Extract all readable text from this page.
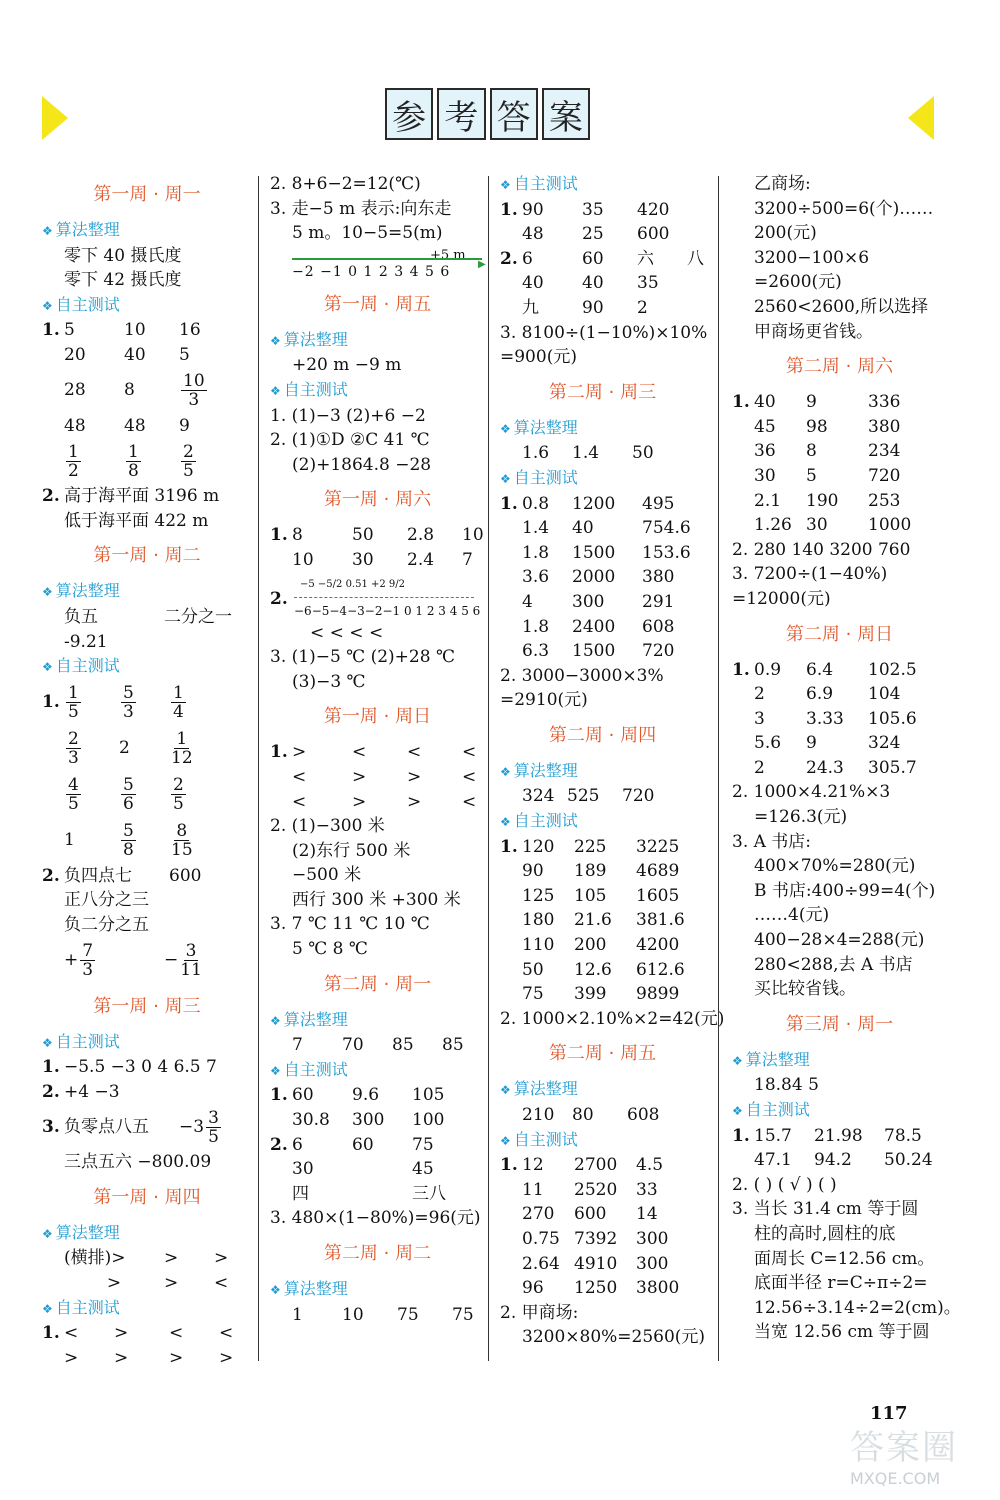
参 考 答 案
第一周 · 周一
❖ 算法整理
零下 40 摄氏度
零下 42 摄氏度
❖ 自主测试
1. 5	10 16
20 40 5
28	8	$\frac{10}{3}$
48 48 9
$\frac{1}{2}$	$\frac{1}{8} \frac{2}{5}$
2. 高于海平面 3196 m
低于海平面 422 m
第一周 · 周二
❖ 算法整理
负五	二分之一
-9.21
❖ 自主测试
1. $\frac{1}{5} \frac{5}{3} \frac{1}{4}$
$\frac{2}{3} 2$	$\frac{1}{12}$
$\frac{4}{5} \frac{5}{6} \frac{2}{5}$
1	$\frac{5}{8} \frac{8}{15}$
2. 负四点七 600
正八分之三
负二分之五
+ $\frac{7}{3}$	− $\frac{3}{11}$
第一周 · 周三
❖ 自主测试
1. −5.5 −3 0 4 6.5 7
2. +4 −3
3. 负零点八五	$-3 \frac{3}{5}$
三点五六 −800.09
第一周 · 周四
❖ 算法整理
(横排)> > >
>	> <
❖ 自主测试
1. < > < <
> > > >
2. 8+6−2=12(℃)
3. 走−5 m 表示:向东走
5 m。10−5=5(m)
+5 m
▶
−2 −1 0 1 2 3 4 5 6
第一周 · 周五
❖ 算法整理
+20 m −9 m
❖ 自主测试
1. (1)−3 (2)+6 −2
2. (1)①D ②C 41 ℃
(2)+1864.8 −28
第一周 · 周六
1. 8	50 2.8 10
10 30 2.4 7
2.
−5 −5/2 0.51 +2 9/2
−6−5−4−3−2−1 0 1 2 3 4 5 6
< < < <
3. (1)−5 ℃ (2)+28 ℃
(3)−3 ℃
第一周 · 周日
1. >	< < <
<	> > <
<	> > <
2. (1)−300 米
(2)东行 500 米
−500 米
西行 300 米 +300 米
3. 7 ℃ 11 ℃ 10 ℃
5 ℃ 8 ℃
第二周 · 周一
❖ 算法整理
7 70 85 85
❖ 自主测试
1. 60 9.6 105
30.8 300 100
2. 6	60 75
30	45
四	三八
3. 480×(1−80%)=96(元)
第二周 · 周二
❖ 算法整理
1 10 75 75
❖ 自主测试
1. 90 35 420
48 25 600
2. 6	60 六 八
40 40 35
九	90 2
3. 8100÷(1−10%)×10%
=900(元)
第二周 · 周三
❖ 算法整理
1.6 1.4 50
❖ 自主测试
1. 0.8 1200 495
1.4 40	754.6
1.8 1500 153.6
3.6 2000 380
4 300 291
1.8 2400 608
6.3 1500 720
2. 3000−3000×3%
=2910(元)
第二周 · 周四
❖ 算法整理
324 525 720
❖ 自主测试
1. 120 225 3225
90 189 4689
125 105 1605
180 21.6 381.6
110 200 4200
50 12.6 612.6
75 399 9899
2. 1000×2.10%×2=42(元)
第二周 · 周五
❖ 算法整理
210 80 608
❖ 自主测试
1. 12 2700 4.5
11 2520 33
270 600 14
0.75 7392 300
2.64 4910 300
96 1250 3800
2. 甲商场:
3200×80%=2560(元)
乙商场:
3200÷500=6(个)……
200(元)
3200−100×6
=2600(元)
2560<2600,所以选择
甲商场更省钱。
第二周 · 周六
1. 40 9	336
45 98 380
36 8	234
30 5	720
2.1 190 253
1.26 30 1000
2. 280 140 3200 760
3. 7200÷(1−40%)
=12000(元)
第二周 · 周日
1. 0.9 6.4 102.5
2 6.9 104
3 3.33 105.6
5.6 9	324
2 24.3 305.7
2. 1000×4.21%×3
=126.3(元)
3. A 书店:
400×70%=280(元)
B 书店:400÷99=4(个)
……4(元)
400−28×4=288(元)
280<288,去 A 书店
买比较省钱。
第三周 · 周一
❖ 算法整理
18.84 5
❖ 自主测试
1. 15.7 21.98 78.5
47.1 94.2 50.24
2. ( ) ( √ ) ( )
3. 当长 31.4 cm 等于圆
柱的高时,圆柱的底
面周长 C=12.56 cm。
底面半径 r=C÷π÷2=
12.56÷3.14÷2=2(cm)。
当宽 12.56 cm 等于圆
117
答案圈
MXQE.COM
